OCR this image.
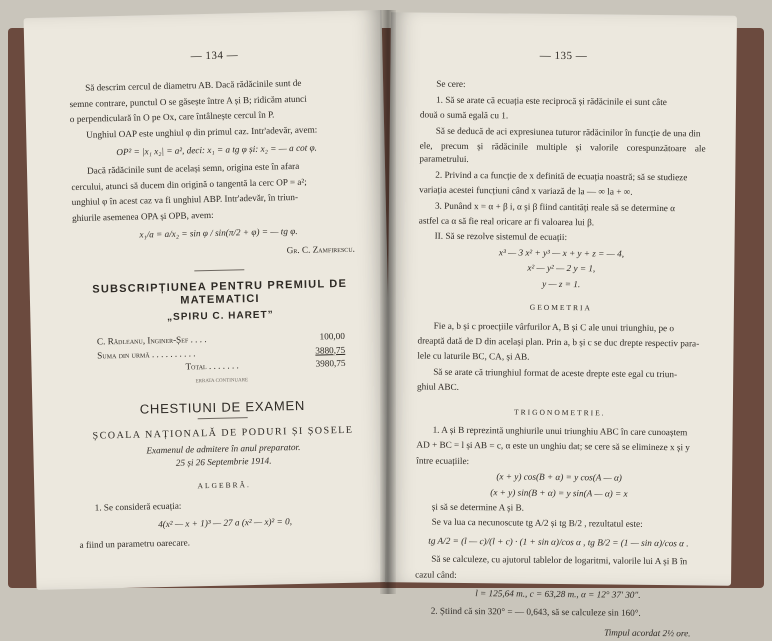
— 134 —

Să descrim cercul de diametru AB. Dacă rădăcinile sunt de

semne contrare, punctul O se găsește între A și B; ridicăm atunci

o perpendiculară în O pe Ox, care întâlnește cercul în P.

Unghiul OAP este unghiul φ din primul caz. Intr'adevăr, avem:

OP² = |x₁ x₂| = a², deci: x₁ = a tg φ și: x₂ = — a cot φ.

Dacă rădăcinile sunt de același semn, origina este în afara

cercului, atunci să ducem din origină o tangentă la cerc OP = a²;

unghiul φ în acest caz va fi unghiul ABP. Intr'adevăr, în triun-

ghiurile asemenea OPA și OPB, avem:

x₁/a = a/x₂ = sin φ / sin(π/2 + φ) = — tg φ.
Gr. C. Zamfirescu.
SUBSCRIPȚIUNEA PENTRU PREMIUL DE MATEMATICI
„SPIRU C. HARET”
C. Rădleanu, Inginer-Șef . . . .	100,00
Suma din urmă . . . . . . . . . .	3880,75
Total . . . . . . .	3980,75
ERRATA CONTINUARE
CHESTIUNI DE EXAMEN
ȘCOALA NAȚIONALĂ DE PODURI ȘI ȘOSELE
Examenul de admitere în anul preparator.
25 și 26 Septembrie 1914.
ALGEBRĂ.

1. Se consideră ecuația:

4(x² — x + 1)³ — 27 a (x² — x)² = 0,

a fiind un parametru oarecare.

— 135 —

Se cere:

1. Să se arate că ecuația este reciprocă și rădăcinile ei sunt câte

două o sumă egală cu 1.

Să se deducă de aci expresiunea tuturor rădăcinilor în funcție de una din

ele, precum și rădăcinile multiple și valorile corespunzătoare ale parametrului.

2. Privind a ca funcție de x definită de ecuația noastră; să se studieze

variația acestei funcțiuni când x variază de la — ∞ la + ∞.

3. Punând x = α + β i, α și β fiind cantități reale să se determine α

astfel ca α să fie real oricare ar fi valoarea lui β.

II. Să se rezolve sistemul de ecuații:

x³ — 3 x² + y³ — x + y + z = — 4,
x² — y² — 2 y = 1,
y — z = 1.
GEOMETRIA

Fie a, b și c proecțiile vârfurilor A, B și C ale unui triunghiu, pe o

dreaptă dată de D din același plan. Prin a, b și c se duc drepte respectiv para-

lele cu laturile BC, CA, și AB.

Să se arate că triunghiul format de aceste drepte este egal cu triun-

ghiul ABC.

TRIGONOMETRIE.

1. A și B reprezintă unghiurile unui triunghiu ABC în care cunoaștem

AD + BC = l și AB = c, α este un unghiu dat; se cere să se elimineze x și y

între ecuațiile:

(x + y) cos(B + α) = y cos(A — α)
(x + y) sin(B + α) = y sin(A — α) = x

și să se determine A și B.

Se va lua ca necunoscute tg A/2 și tg B/2 , rezultatul este:

tg A/2 = (l — c)/(l + c) · (1 + sin α)/cos α , tg B/2 = (1 — sin α)/cos α .

Să se calculeze, cu ajutorul tablelor de logaritmi, valorile lui A și B în

cazul când:

l = 125,64 m., c = 63,28 m., α = 12° 37' 30".

2. Știind că sin 320° = — 0,643, să se calculeze sin 160°.

Timpul acordat 2½ ore.
